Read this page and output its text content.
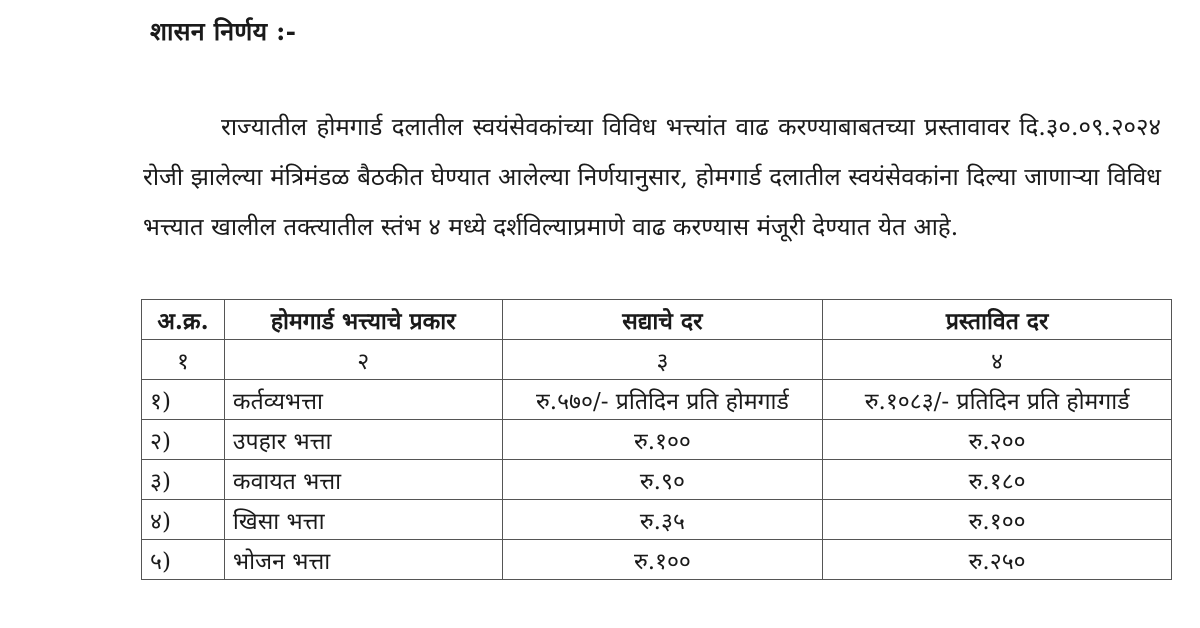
शासन निर्णय :-

राज्यातील होमगार्ड दलातील स्वयंसेवकांच्या विविध भत्त्यांत वाढ करण्याबाबतच्या प्रस्तावावर दि.३०.०९.२०२४ रोजी झालेल्या मंत्रिमंडळ बैठकीत घेण्यात आलेल्या निर्णयानुसार, होमगार्ड दलातील स्वयंसेवकांना दिल्या जाणाऱ्या विविध भत्त्यात खालील तक्त्यातील स्तंभ ४ मध्ये दर्शविल्याप्रमाणे वाढ करण्यास मंजूरी देण्यात येत आहे.

अ.क्र.	होमगार्ड भत्त्याचे प्रकार	सद्याचे दर	प्रस्तावित दर
१	२	३	४
१)	कर्तव्यभत्ता	रु.५७०/- प्रतिदिन प्रति होमगार्ड	रु.१०८३/- प्रतिदिन प्रति होमगार्ड
२)	उपहार भत्ता	रु.१००	रु.२००
३)	कवायत भत्ता	रु.९०	रु.१८०
४)	खिसा भत्ता	रु.३५	रु.१००
५)	भोजन भत्ता	रु.१००	रु.२५०
